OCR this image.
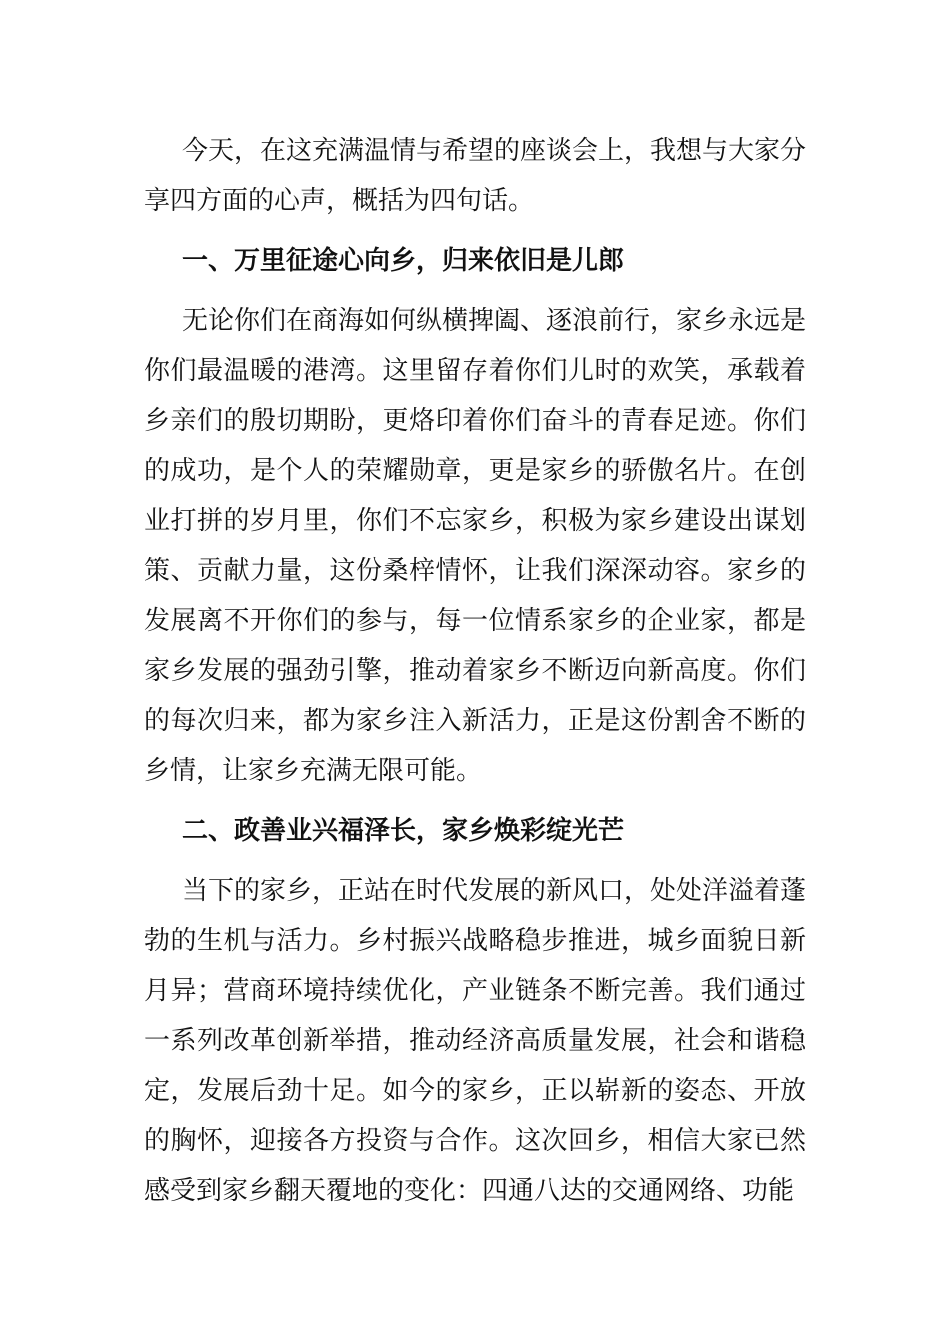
今天，在这充满温情与希望的座谈会上，我想与大家分享四方面的心声，概括为四句话。

一、万里征途心向乡，归来依旧是儿郎

无论你们在商海如何纵横捭阖、逐浪前行，家乡永远是你们最温暖的港湾。这里留存着你们儿时的欢笑，承载着乡亲们的殷切期盼，更烙印着你们奋斗的青春足迹。你们的成功，是个人的荣耀勋章，更是家乡的骄傲名片。在创业打拼的岁月里，你们不忘家乡，积极为家乡建设出谋划策、贡献力量，这份桑梓情怀，让我们深深动容。家乡的发展离不开你们的参与，每一位情系家乡的企业家，都是家乡发展的强劲引擎，推动着家乡不断迈向新高度。你们的每次归来，都为家乡注入新活力，正是这份割舍不断的乡情，让家乡充满无限可能。

二、政善业兴福泽长，家乡焕彩绽光芒

当下的家乡，正站在时代发展的新风口，处处洋溢着蓬勃的生机与活力。乡村振兴战略稳步推进，城乡面貌日新月异；营商环境持续优化，产业链条不断完善。我们通过一系列改革创新举措，推动经济高质量发展，社会和谐稳定，发展后劲十足。如今的家乡，正以崭新的姿态、开放的胸怀，迎接各方投资与合作。这次回乡，相信大家已然感受到家乡翻天覆地的变化：四通八达的交通网络、功能
